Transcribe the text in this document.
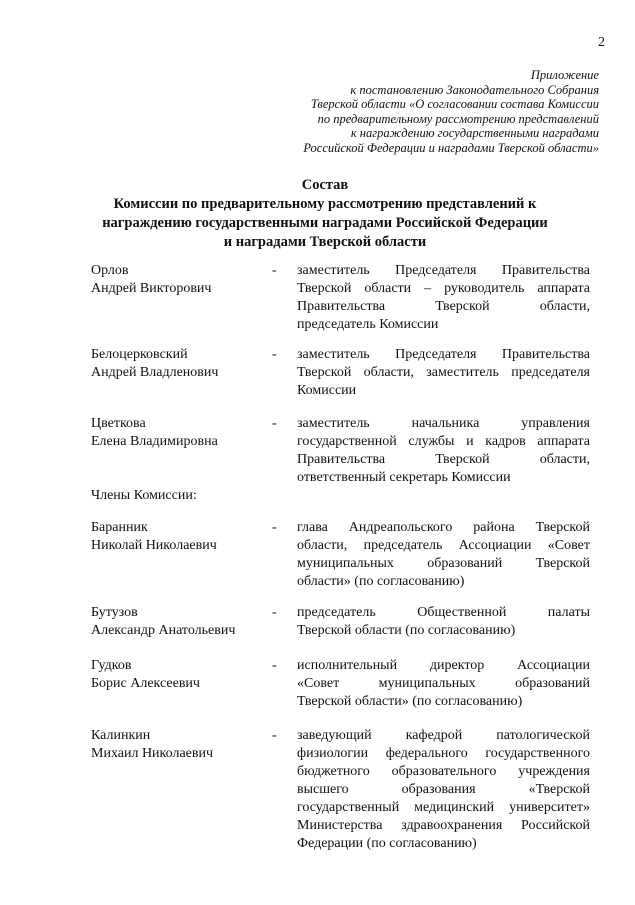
2
Приложение
к постановлению Законодательного Собрания
Тверской области «О согласовании состава Комиссии
по предварительному рассмотрению представлений
к награждению государственными наградами
Российской Федерации и наградами Тверской области»
Состав
Комиссии по предварительному рассмотрению представлений к
награждению государственными наградами Российской Федерации
и наградами Тверской области
Члены Комиссии:
Орлов
Андрей Викторович
-	заместитель Председателя Правительства
Тверской области – руководитель аппарата
Правительства Тверской области,
председатель Комиссии
Белоцерковский
Андрей Владленович
-	заместитель Председателя Правительства
Тверской области, заместитель председателя
Комиссии
Цветкова
Елена Владимировна
-	заместитель начальника управления
государственной службы и кадров аппарата
Правительства Тверской области,
ответственный секретарь Комиссии
Баранник
Николай Николаевич
-	глава Андреапольского района Тверской
области, председатель Ассоциации «Совет
муниципальных образований Тверской
области» (по согласованию)
Бутузов
Александр Анатольевич
-	председатель Общественной палаты
Тверской области (по согласованию)
Гудков
Борис Алексеевич
-	исполнительный директор Ассоциации
«Совет муниципальных образований
Тверской области» (по согласованию)
Калинкин
Михаил Николаевич
-	заведующий кафедрой патологической
физиологии федерального государственного
бюджетного образовательного учреждения
высшего образования «Тверской
государственный медицинский университет»
Министерства здравоохранения Российской
Федерации (по согласованию)
